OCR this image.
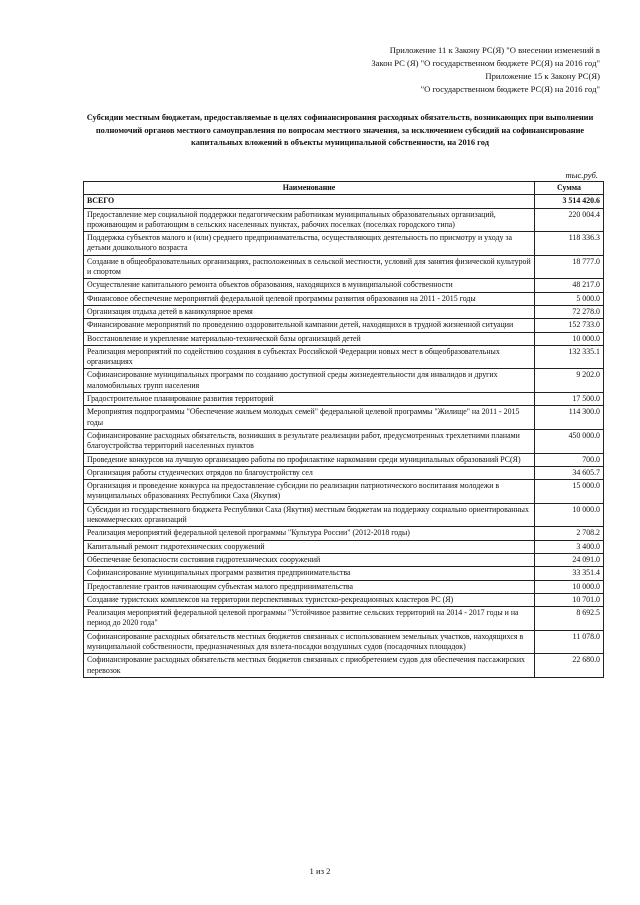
Приложение 11 к Закону РС(Я) "О внесении изменений в
Закон РС (Я) "О государственном бюджете РС(Я) на 2016 год"
Приложение 15 к Закону РС(Я)
"О государственном бюджете РС(Я) на 2016 год"
Субсидии местным бюджетам, предоставляемые в целях софинансирования расходных обязательств, возникающих при выполнении полномочий органов местного самоуправления по вопросам местного значения, за исключением субсидий на софинансирование капитальных вложений в объекты муниципальной собственности, на 2016 год
тыс.руб.
Наименование	Сумма
ВСЕГО	3 514 420.6
Предоставление мер социальной поддержки педагогическим работникам муниципальных образовательных организаций, проживающим и работающим в сельских населенных пунктах, рабочих поселках (поселках городского типа)	220 004.4
Поддержка субъектов малого и (или) среднего предпринимательства, осуществляющих деятельность по присмотру и уходу за детьми дошкольного возраста	118 336.3
Создание в общеобразовательных организациях, расположенных в сельской местности, условий для занятия физической культурой и спортом	18 777.0
Осуществление капитального ремонта объектов образования, находящихся в муниципальной собственности	48 217.0
Финансовое обеспечение мероприятий федеральной целевой программы развития образования на 2011 - 2015 годы	5 000.0
Организация отдыха детей в каникулярное время	72 278.0
Финансирование мероприятий по проведению оздоровительной кампании детей, находящихся в трудной жизненной ситуации	152 733.0
Восстановление и укрепление материально-технической базы организаций детей	10 000.0
Реализация мероприятий по содействию создания в субъектах Российской Федерации новых мест в общеобразовательных организациях	132 335.1
Софинансирование муниципальных программ по созданию доступной среды жизнедеятельности для инвалидов и других маломобильных групп населения	9 202.0
Градостроительное планирование развития территорий	17 500.0
Мероприятия подпрограммы "Обеспечение жильем молодых семей" федеральной целевой программы "Жилище" на 2011 - 2015 годы	114 300.0
Софинансирование расходных обязательств, возникших в результате реализации работ, предусмотренных трехлетними планами благоустройства территорий населенных пунктов	450 000.0
Проведение конкурсов на лучшую организацию работы по профилактике наркомании среди муниципальных образований РС(Я)	700.0
Организация работы студенческих отрядов по благоустройству сел	34 605.7
Организация и проведение конкурса на предоставление субсидии по реализации патриотического воспитания молодежи в муниципальных образованиях Республики Саха (Якутия)	15 000.0
Субсидии из государственного бюджета Республики Саха (Якутия) местным бюджетам на поддержку социально ориентированных некоммерческих организаций	10 000.0
Реализация мероприятий федеральной целевой программы "Культура России" (2012-2018 годы)	2 708.2
Капитальный ремонт гидротехнических сооружений	3 400.0
Обеспечение безопасности состояния гидротехнических сооружений	24 091.0
Софинансирование муниципальных программ развития предпринимательства	33 351.4
Предоставление грантов начинающим субъектам малого предпринимательства	10 000.0
Создание туристских комплексов на территории перспективных туристско-рекреационных кластеров РС (Я)	10 701.0
Реализация мероприятий федеральной целевой программы "Устойчивое развитие сельских территорий на 2014 - 2017 годы и на период до 2020 года"	8 692.5
Софинансирование расходных обязательств местных бюджетов связанных с использованием земельных участков, находящихся в муниципальной собственности, предназначенных для взлета-посадки воздушных судов (посадочных площадок)	11 078.0
Софинансирование расходных обязательств местных бюджетов связанных с приобретением судов для обеспечения пассажирских перевозок	22 680.0
1 из 2
